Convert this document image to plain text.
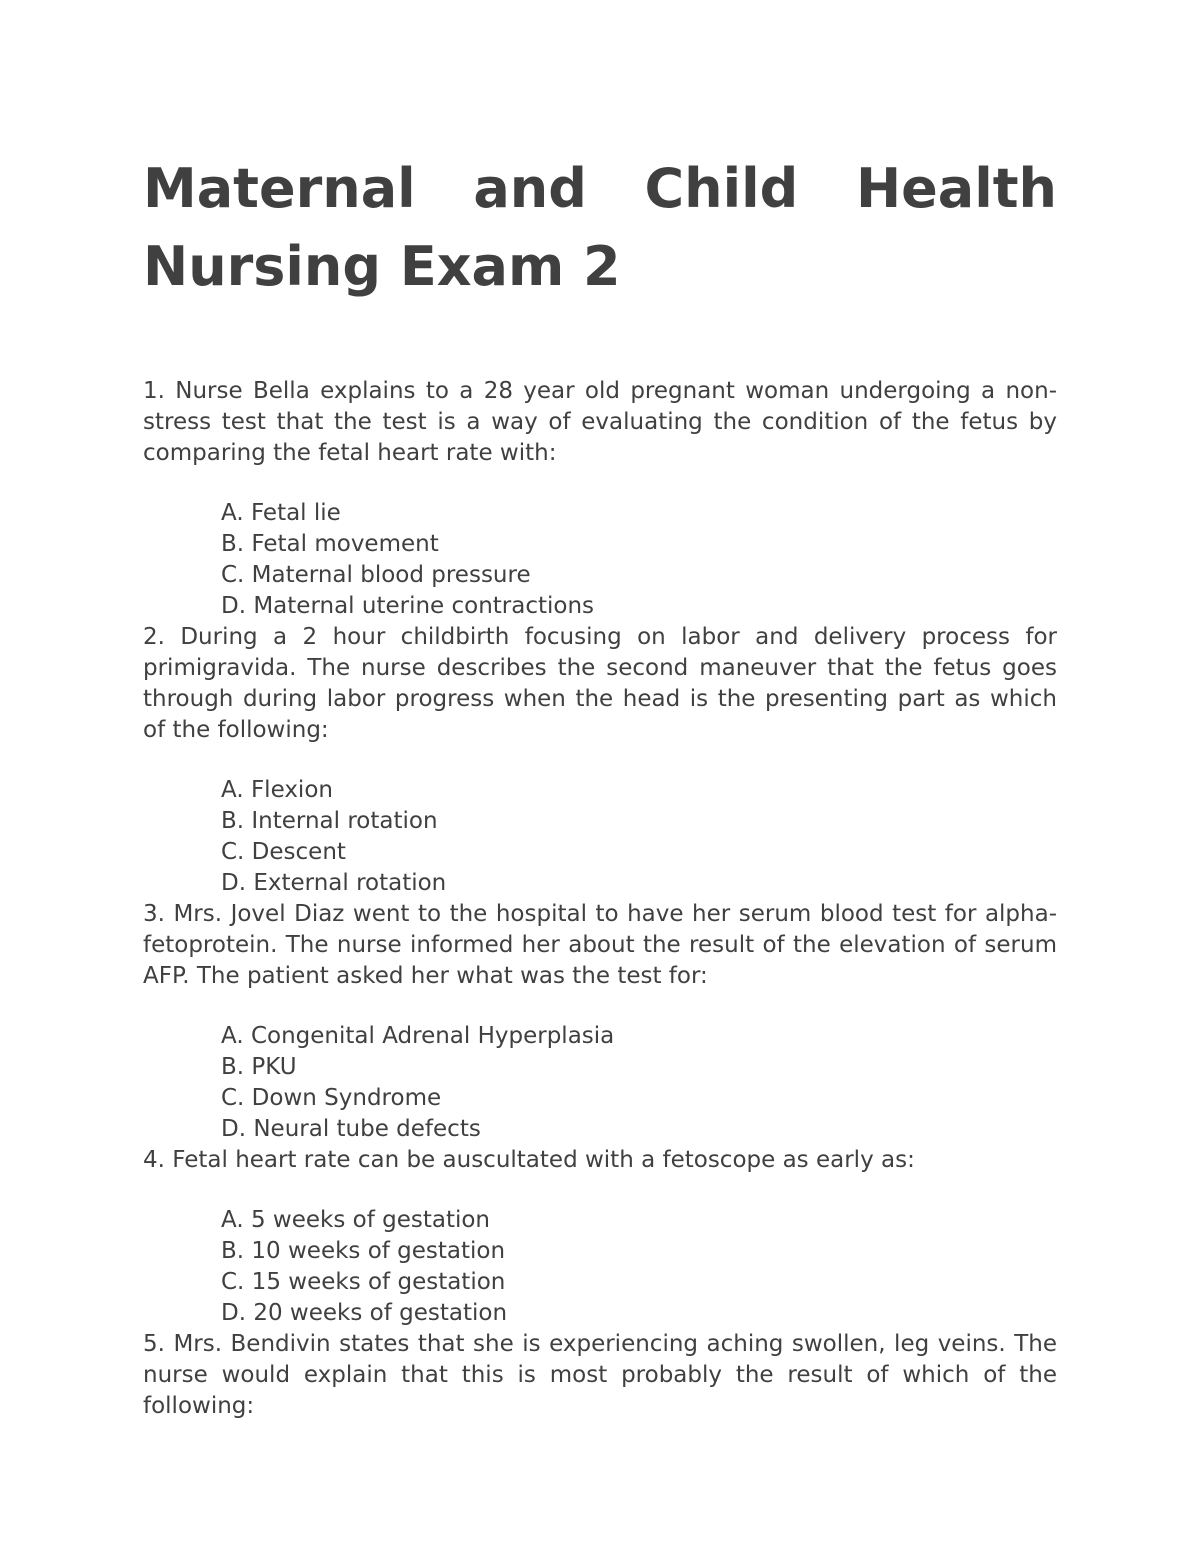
Maternal and Child Health Nursing Exam 2

1. Nurse Bella explains to a 28 year old pregnant woman undergoing a non-stress test that the test is a way of evaluating the condition of the fetus by comparing the fetal heart rate with:

A. Fetal lie
B. Fetal movement
C. Maternal blood pressure
D. Maternal uterine contractions

2. During a 2 hour childbirth focusing on labor and delivery process for primigravida. The nurse describes the second maneuver that the fetus goes through during labor progress when the head is the presenting part as which of the following:

A. Flexion
B. Internal rotation
C. Descent
D. External rotation

3. Mrs. Jovel Diaz went to the hospital to have her serum blood test for alpha-fetoprotein. The nurse informed her about the result of the elevation of serum AFP. The patient asked her what was the test for:

A. Congenital Adrenal Hyperplasia
B. PKU
C. Down Syndrome
D. Neural tube defects

4. Fetal heart rate can be auscultated with a fetoscope as early as:

A. 5 weeks of gestation
B. 10 weeks of gestation
C. 15 weeks of gestation
D. 20 weeks of gestation

5. Mrs. Bendivin states that she is experiencing aching swollen, leg veins. The nurse would explain that this is most probably the result of which of the following:
